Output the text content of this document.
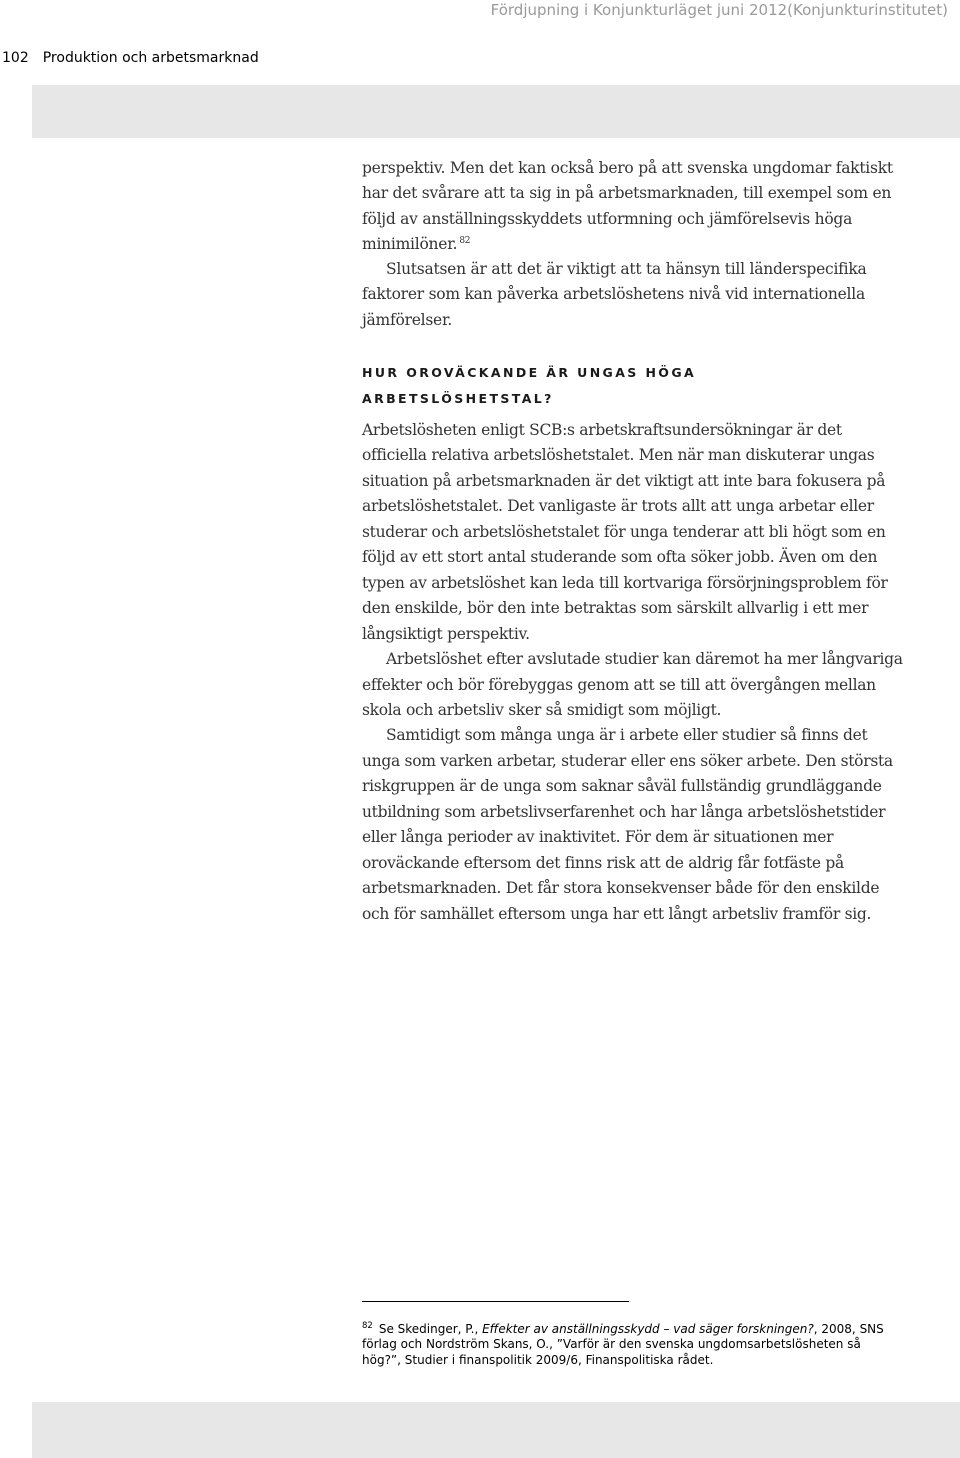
Fördjupning i Konjunkturläget juni 2012(Konjunkturinstitutet)
102 Produktion och arbetsmarknad

perspektiv. Men det kan också bero på att svenska ungdomar faktiskt har det svårare att ta sig in på arbetsmarknaden, till exempel som en följd av anställningsskyddets utformning och jämförelsevis höga minimilöner. $^{82}$

Slutsatsen är att det är viktigt att ta hänsyn till länderspecifika faktorer som kan påverka arbetslöshetens nivå vid internationella jämförelser.

HUR OROVÄCKANDE ÄR UNGAS HÖGA ARBETSLÖSHETSTAL?

Arbetslösheten enligt SCB:s arbetskraftsundersökningar är det officiella relativa arbetslöshetstalet. Men när man diskuterar ungas situation på arbetsmarknaden är det viktigt att inte bara fokusera på arbetslöshetstalet. Det vanligaste är trots allt att unga arbetar eller studerar och arbetslöshetstalet för unga tenderar att bli högt som en följd av ett stort antal studerande som ofta söker jobb. Även om den typen av arbetslöshet kan leda till kortvariga försörjningsproblem för den enskilde, bör den inte betraktas som särskilt allvarlig i ett mer långsiktigt perspektiv.

Arbetslöshet efter avslutade studier kan däremot ha mer långvariga effekter och bör förebyggas genom att se till att övergången mellan skola och arbetsliv sker så smidigt som möjligt.

Samtidigt som många unga är i arbete eller studier så finns det unga som varken arbetar, studerar eller ens söker arbete. Den största riskgruppen är de unga som saknar såväl fullständig grundläggande utbildning som arbetslivserfarenhet och har långa arbetslöshetstider eller långa perioder av inaktivitet. För dem är situationen mer oroväckande eftersom det finns risk att de aldrig får fotfäste på arbetsmarknaden. Det får stora konsekvenser både för den enskilde och för samhället eftersom unga har ett långt arbetsliv framför sig.

$^{82}$ Se Skedinger, P., Effekter av anställningsskydd – vad säger forskningen?, 2008, SNS förlag och Nordström Skans, O., ”Varför är den svenska ungdomsarbetslösheten så hög?”, Studier i finanspolitik 2009/6, Finanspolitiska rådet.
